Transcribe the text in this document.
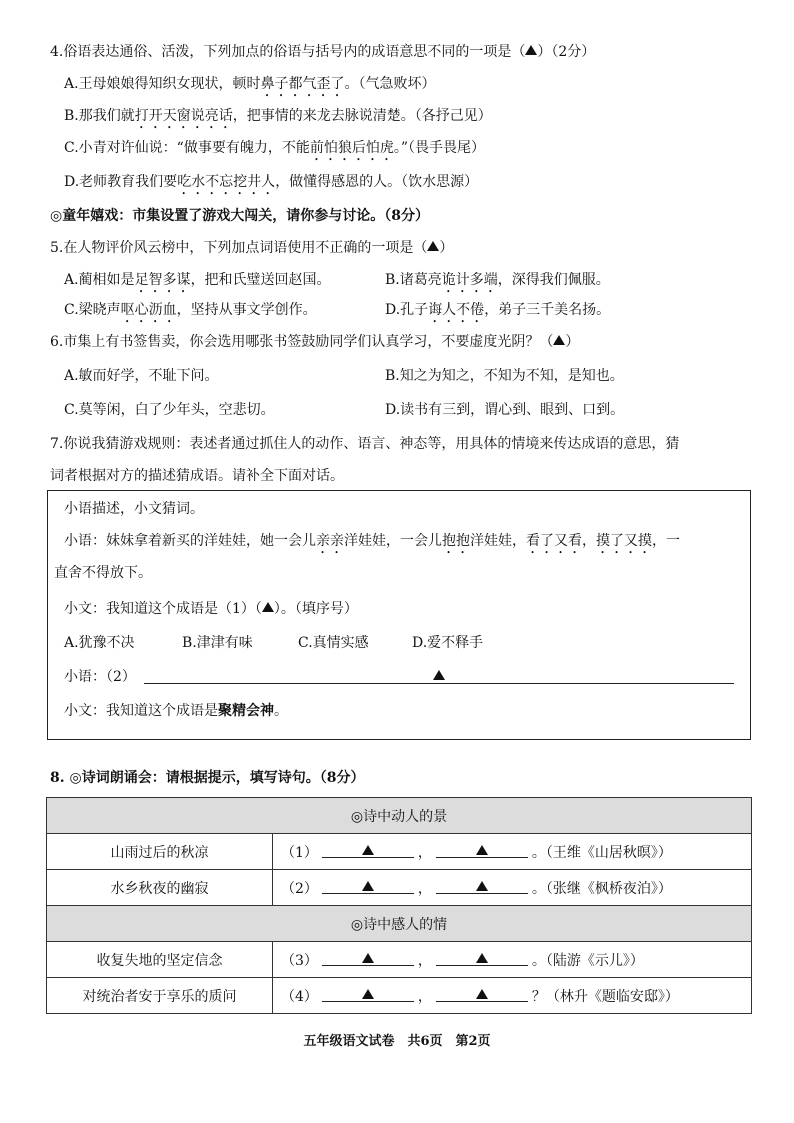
4.俗语表达通俗、活泼，下列加点的俗语与括号内的成语意思不同的一项是（ ）（2分）
A.王母娘娘得知织女现状，顿时鼻子都气歪了。（气急败坏）
B.那我们就打开天窗说亮话，把事情的来龙去脉说清楚。（各抒己见）
C.小青对许仙说：“做事要有魄力，不能前怕狼后怕虎。”（畏手畏尾）
D.老师教育我们要吃水不忘挖井人，做懂得感恩的人。（饮水思源）
◎童年嬉戏：市集设置了游戏大闯关，请你参与讨论。（8分）
5.在人物评价风云榜中，下列加点词语使用不正确的一项是（ ）
A.蔺相如是足智多谋，把和氏璧送回赵国。	B.诸葛亮诡计多端，深得我们佩服。
C.梁晓声呕心沥血，坚持从事文学创作。	D.孔子诲人不倦，弟子三千美名扬。
6.市集上有书签售卖，你会选用哪张书签鼓励同学们认真学习，不要虚度光阴？（ ）
A.敏而好学，不耻下问。	B.知之为知之，不知为不知，是知也。
C.莫等闲，白了少年头，空悲切。	D.读书有三到，谓心到、眼到、口到。
7.你说我猜游戏规则：表述者通过抓住人的动作、语言、神态等，用具体的情境来传达成语的意思，猜
词者根据对方的描述猜成语。请补全下面对话。
小语描述，小文猜词。
小语：妹妹拿着新买的洋娃娃，她一会儿亲亲洋娃娃，一会儿抱抱洋娃娃，看了又看，摸了又摸，一
直舍不得放下。
小文：我知道这个成语是（1）（ ）。（填序号）
A.犹豫不决	B.津津有味	C.真情实感	D.爱不释手
小语：（2）
小文：我知道这个成语是聚精会神。
8. ◎诗词朗诵会：请根据提示，填写诗句。（8分）
◎诗中动人的景	
山雨过后的秋凉	（1） ， 。（王维《山居秋暝》）
水乡秋夜的幽寂	（2） ， 。（张继《枫桥夜泊》）
◎诗中感人的情	
收复失地的坚定信念	（3） ， 。（陆游《示儿》）
对统治者安于享乐的质问	（4） ， ？（林升《题临安邸》）
五年级语文试卷　共6页　第2页
